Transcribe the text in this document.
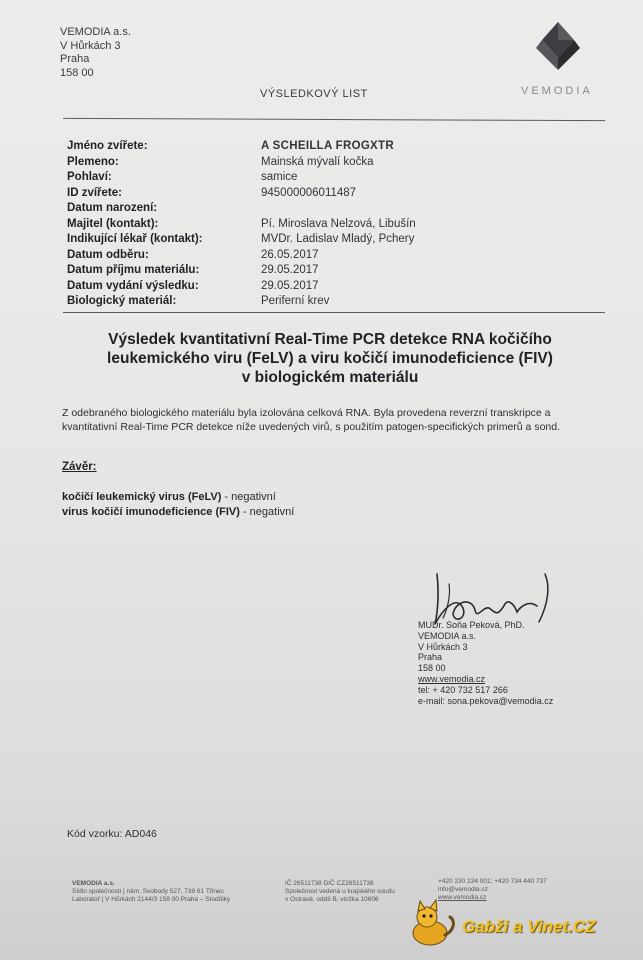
VEMODIA a.s.
V Hůrkách 3
Praha
158 00
VEMODIA
VÝSLEDKOVÝ LIST
Jméno zvířete:	A SCHEILLA FROGXTR
Plemeno:	Mainská mývalí kočka
Pohlaví:	samice
ID zvířete:	945000006011487
Datum narození:
Majitel (kontakt):	Pí. Miroslava Nelzová, Libušín
Indikující lékař (kontakt):	MVDr. Ladislav Mladý, Pchery
Datum odběru:	26.05.2017
Datum příjmu materiálu:	29.05.2017
Datum vydání výsledku:	29.05.2017
Biologický materiál:	Periferní krev
Výsledek kvantitativní Real-Time PCR detekce RNA kočičího
leukemického viru (FeLV) a viru kočičí imunodeficience (FIV)
v biologickém materiálu
Z odebraného biologického materiálu byla izolována celková RNA. Byla provedena reverzní transkripce a kvantitativní Real-Time PCR detekce níže uvedených virů, s použitím patogen-specifických primerů a sond.
Závěr:
kočičí leukemický virus (FeLV) - negativní
virus kočičí imunodeficience (FIV) - negativní
MUDr. Soňa Peková, PhD.
VEMODIA a.s.
V Hůrkách 3
Praha
158 00
www.vemodia.cz
tel: + 420 732 517 266
e-mail: sona.pekova@vemodia.cz
Kód vzorku: AD046
VEMODIA a.s.
Sídlo společnosti | nám. Svobody 527, 739 61 Třinec
Laboratoř | V Hůrkách 2144/3 158 00 Praha – Stodůlky
IČ 26511738 DIČ CZ26511738
Společnost vedená u krajského soudu
v Ostravě, oddíl B, vložka 10606
+420 230 234 001; +420 734 440 737
info@vemodia.cz
www.vemodia.cz
Gabži a Vinet.CZ
